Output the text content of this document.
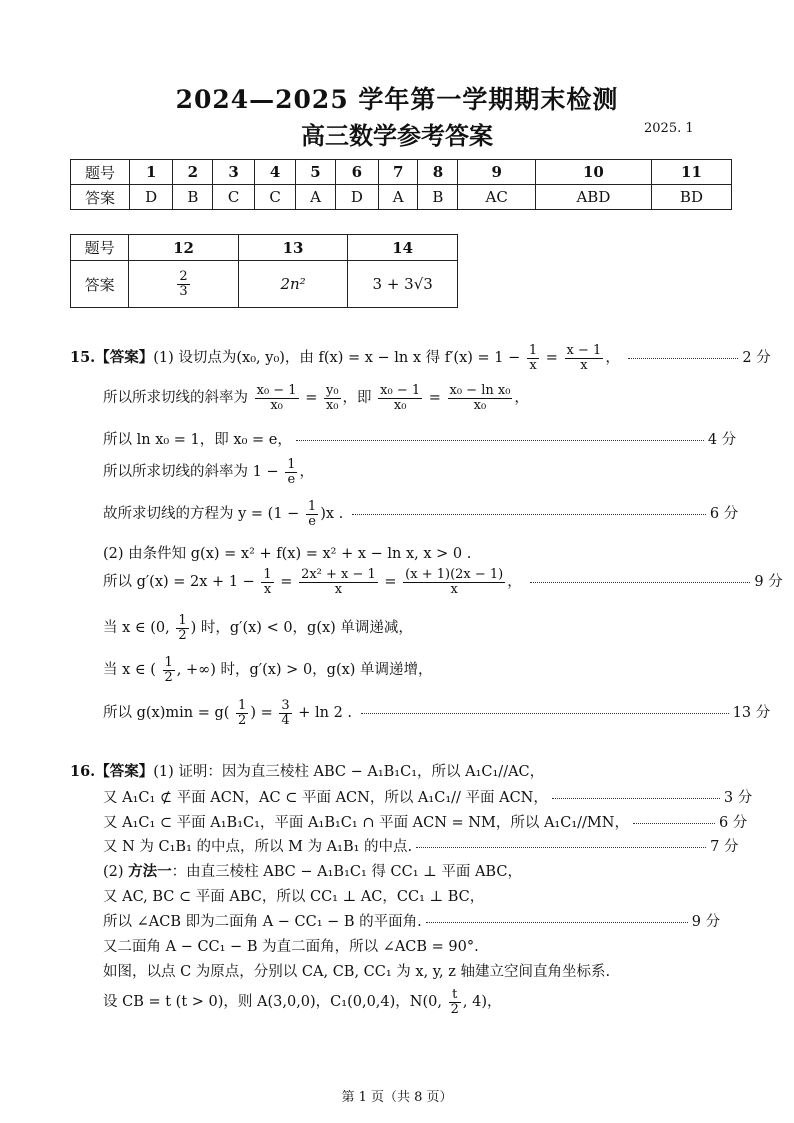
2024—2025 学年第一学期期末检测
高三数学参考答案	2025. 1
题号	1	2	3	4	5	6	7	8	9	10	11
答案	D	B	C	C	A	D	A	B	AC	ABD	BD
题号	12	13	14
答案	$\frac{2}{3}$	2n²	3 + 3√3
15.【答案】(1) 设切点为(x₀, y₀)，由 f(x) = x − ln x 得 $f'(x) = 1 - \frac{1}{x} = \frac{x - 1}{x}$ ，	2 分
所以所求切线的斜率为 $\frac{\text{x₀ − 1}}{\text{x₀}} = \frac{\text{y₀}}{\text{x₀}}$ ，即 $\frac{\text{x₀ − 1}}{\text{x₀}} = \frac{\text{x₀ − ln x₀}}{\text{x₀}}$ ，
所以 ln x₀ = 1，即 x₀ = e，	4 分
所以所求切线的斜率为 $1 - \frac{1}{e}$ ，
故所求切线的方程为 $y = (1 - \frac{1}{e} )x$ .	6 分
(2) 由条件知 g(x) = x² + f(x) = x² + x − ln x, x > 0 .
所以 $g'(x) = 2x + 1 - \frac{1}{x} = \frac{\text{2x² + x − 1}}{x} = \frac{(x + 1)(2x - 1)}{x}$ ，	9 分
当 x ∈ (0, $\frac{1}{2}$ ) 时，g′(x) < 0，g(x) 单调递减，
当 x ∈ ( $\frac{1}{2}$ , +∞) 时，g′(x) > 0，g(x) 单调递增，
所以 $g(x)\min = g( \frac{1}{2}$ ) = $\frac{3}{4} + \ln 2$ .	13 分
16.【答案】(1) 证明：因为直三棱柱 ABC − A₁B₁C₁，所以 A₁C₁//AC，
又 A₁C₁ ⊄ 平面 ACN，AC ⊂ 平面 ACN，所以 A₁C₁// 平面 ACN，	3 分
又 A₁C₁ ⊂ 平面 A₁B₁C₁，平面 A₁B₁C₁ ∩ 平面 ACN = NM，所以 A₁C₁//MN，	6 分
又 N 为 C₁B₁ 的中点，所以 M 为 A₁B₁ 的中点.	7 分
(2) 方法一：由直三棱柱 ABC − A₁B₁C₁ 得 CC₁ ⊥ 平面 ABC，
又 AC, BC ⊂ 平面 ABC，所以 CC₁ ⊥ AC，CC₁ ⊥ BC，
所以 ∠ACB 即为二面角 A − CC₁ − B 的平面角.	9 分
又二面角 A − CC₁ − B 为直二面角，所以 ∠ACB = 90°.
如图，以点 C 为原点，分别以 CA, CB, CC₁ 为 x, y, z 轴建立空间直角坐标系.
设 CB = t (t > 0)，则 A(3,0,0)，C₁(0,0,4)，N(0, $\frac{t}{2}$ , 4)，
第 1 页（共 8 页）
